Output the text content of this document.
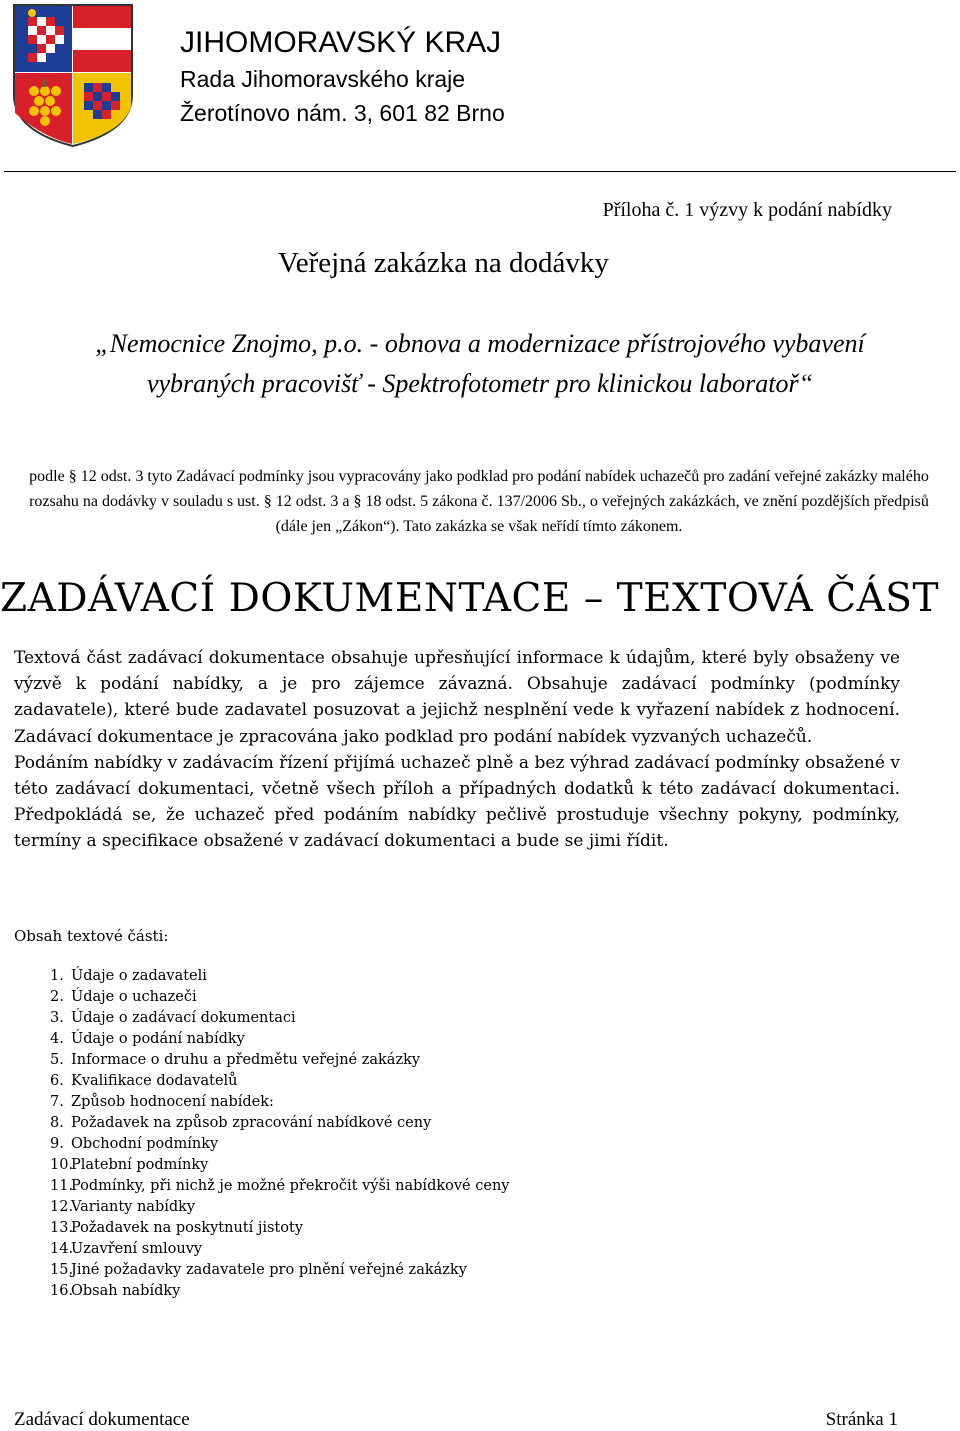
JIHOMORAVSKÝ KRAJ
Rada Jihomoravského kraje
Žerotínovo nám. 3, 601 82 Brno
Příloha č. 1 výzvy k podání nabídky
Veřejná zakázka na dodávky
„Nemocnice Znojmo, p.o. - obnova a modernizace přístrojového vybavení vybraných pracovišť - Spektrofotometr pro klinickou laboratoř“
podle § 12 odst. 3 tyto Zadávací podmínky jsou vypracovány jako podklad pro podání nabídek uchazečů pro zadání veřejné zakázky malého rozsahu na dodávky v souladu s ust. § 12 odst. 3 a § 18 odst. 5 zákona č. 137/2006 Sb., o veřejných zakázkách, ve znění pozdějších předpisů (dále jen „Zákon“). Tato zakázka se však neřídí tímto zákonem.
ZADÁVACÍ DOKUMENTACE – TEXTOVÁ ČÁST

Textová část zadávací dokumentace obsahuje upřesňující informace k údajům, které byly obsaženy ve výzvě k podání nabídky, a je pro zájemce závazná. Obsahuje zadávací podmínky (podmínky zadavatele), které bude zadavatel posuzovat a jejichž nesplnění vede k vyřazení nabídek z hodnocení. Zadávací dokumentace je zpracována jako podklad pro podání nabídek vyzvaných uchazečů.

Podáním nabídky v zadávacím řízení přijímá uchazeč plně a bez výhrad zadávací podmínky obsažené v této zadávací dokumentaci, včetně všech příloh a případných dodatků k této zadávací dokumentaci. Předpokládá se, že uchazeč před podáním nabídky pečlivě prostuduje všechny pokyny, podmínky, termíny a specifikace obsažené v zadávací dokumentaci a bude se jimi řídit.

Obsah textové části:
1. Údaje o zadavateli
2. Údaje o uchazeči
3. Údaje o zadávací dokumentaci
4. Údaje o podání nabídky
5. Informace o druhu a předmětu veřejné zakázky
6. Kvalifikace dodavatelů
7. Způsob hodnocení nabídek:
8. Požadavek na způsob zpracování nabídkové ceny
9. Obchodní podmínky
10.
Platební podmínky
11.
Podmínky, při nichž je možné překročit výši nabídkové ceny
12.
Varianty nabídky
13.
Požadavek na poskytnutí jistoty
14.
Uzavření smlouvy
15.
Jiné požadavky zadavatele pro plnění veřejné zakázky
16.
Obsah nabídky
Zadávací dokumentace	Stránka 1
